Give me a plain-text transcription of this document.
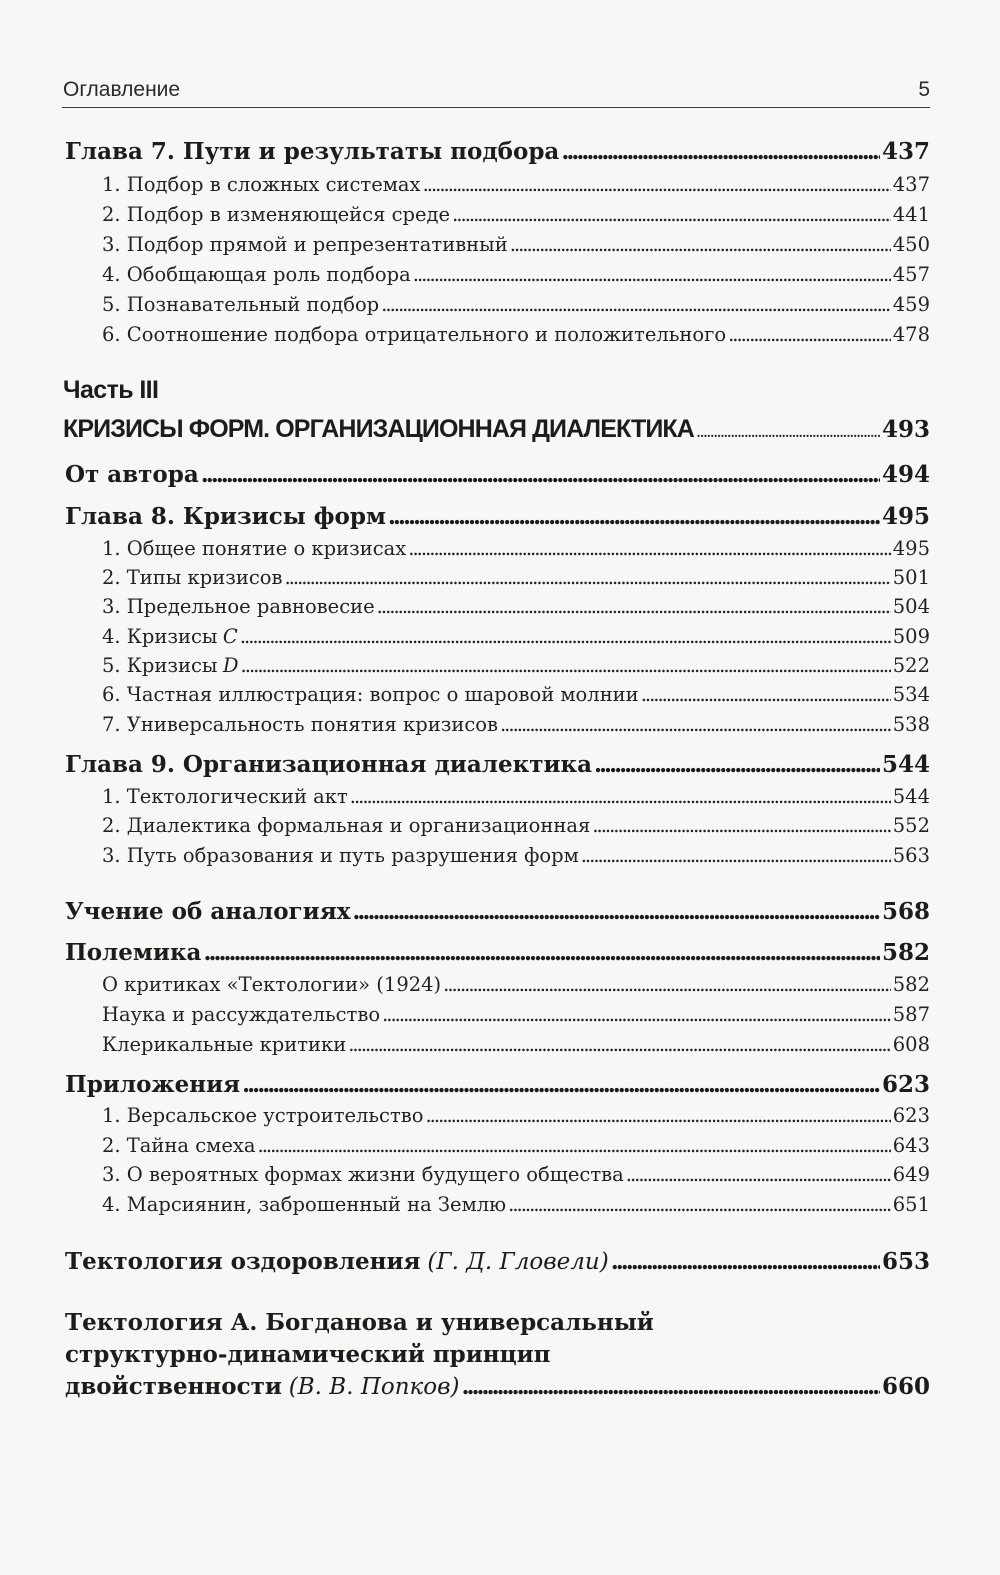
Оглавление	5
Глава 7. Пути и результаты подбора .....	437
1. Подбор в сложных системах .....	437
2. Подбор в изменяющейся среде .....	441
3. Подбор прямой и репрезентативный .....	450
4. Обобщающая роль подбора .....	457
5. Познавательный подбор .....	459
6. Соотношение подбора отрицательного и положительного .....	478
Часть III
КРИЗИСЫ ФОРМ. ОРГАНИЗАЦИОННАЯ ДИАЛЕКТИКА .....	493
От автора .....	494
Глава 8. Кризисы форм .....	495
1. Общее понятие о кризисах .....	495
2. Типы кризисов .....	501
3. Предельное равновесие .....	504
4. Кризисы C .....	509
5. Кризисы D .....	522
6. Частная иллюстрация: вопрос о шаровой молнии .....	534
7. Универсальность понятия кризисов .....	538
Глава 9. Организационная диалектика .....	544
1. Тектологический акт .....	544
2. Диалектика формальная и организационная .....	552
3. Путь образования и путь разрушения форм .....	563
Учение об аналогиях .....	568
Полемика .....	582
О критиках «Тектологии» (1924) .....	582
Наука и рассуждательство .....	587
Клерикальные критики .....	608
Приложения .....	623
1. Версальское устроительство .....	623
2. Тайна смеха .....	643
3. О вероятных формах жизни будущего общества .....	649
4. Марсиянин, заброшенный на Землю .....	651
Тектология оздоровления (Г. Д. Гловели) .....	653
Тектология А. Богданова и универсальный
структурно-динамический принцип
двойственности (В. В. Попков) .....	660
